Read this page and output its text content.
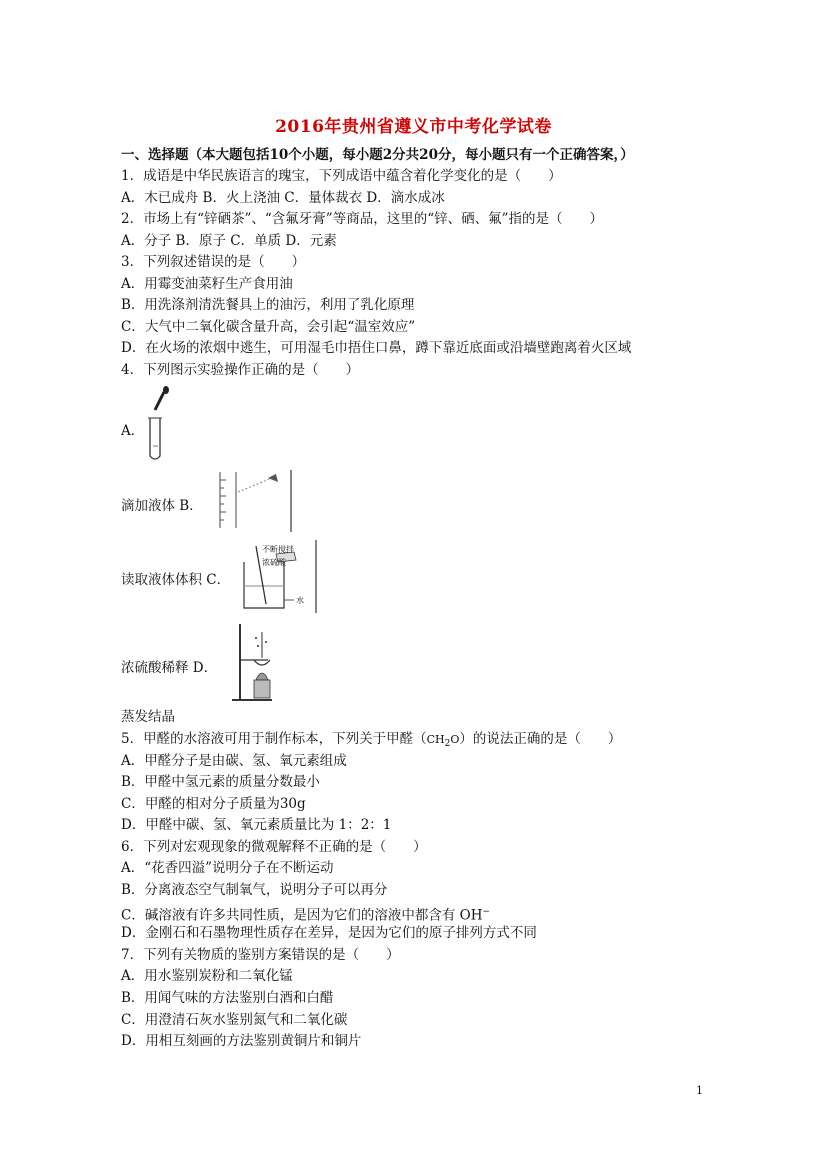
2016年贵州省遵义市中考化学试卷
一、选择题（本大题包括10个小题，每小题2分共20分，每小题只有一个正确答案，）
1．成语是中华民族语言的瑰宝，下列成语中蕴含着化学变化的是（　　）
A．木已成舟 B．火上浇油 C．量体裁衣 D．滴水成冰
2．市场上有“锌硒茶”、“含氟牙膏”等商品，这里的“锌、硒、氟”指的是（　　）
A．分子 B．原子 C．单质 D．元素
3．下列叙述错误的是（　　）
A．用霉变油菜籽生产食用油
B．用洗涤剂清洗餐具上的油污，利用了乳化原理
C．大气中二氧化碳含量升高，会引起“温室效应”
D．在火场的浓烟中逃生，可用湿毛巾捂住口鼻，蹲下靠近底面或沿墙壁跑离着火区域
4．下列图示实验操作正确的是（　　）
A．
滴加液体 B．
读取液体体积 C．
不断搅拌
浓硫酸
水
浓硫酸稀释 D．
蒸发结晶
5．甲醛的水溶液可用于制作标本，下列关于甲醛$(CH_2O)$的说法正确的是（　　）
A．甲醛分子是由碳、氢、氧元素组成
B．甲醛中氢元素的质量分数最小
C．甲醛的相对分子质量为30g
D．甲醛中碳、氢、氧元素质量比为 1：2：1
6．下列对宏观现象的微观解释不正确的是（　　）
A．“花香四溢”说明分子在不断运动
B．分离液态空气制氧气，说明分子可以再分
C．碱溶液有许多共同性质，是因为它们的溶液中都含有 OH−
D．金刚石和石墨物理性质存在差异，是因为它们的原子排列方式不同
7．下列有关物质的鉴别方案错误的是（　　）
A．用水鉴别炭粉和二氧化锰
B．用闻气味的方法鉴别白酒和白醋
C．用澄清石灰水鉴别氮气和二氧化碳
D．用相互刻画的方法鉴别黄铜片和铜片
1
